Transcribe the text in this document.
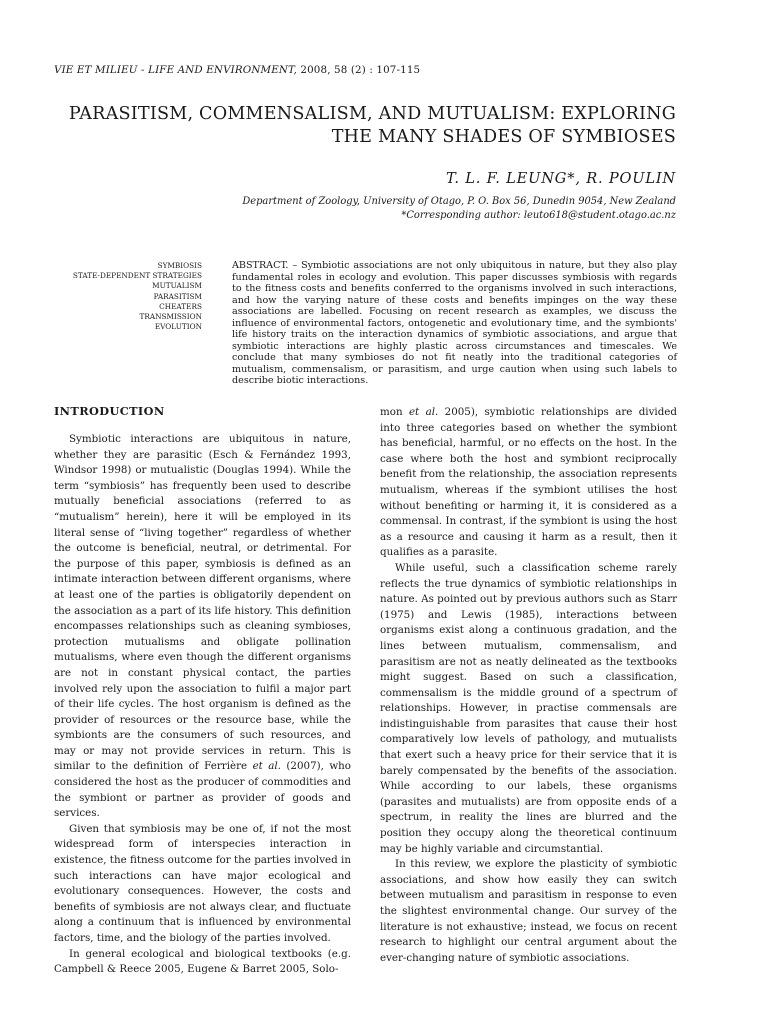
VIE ET MILIEU - LIFE AND ENVIRONMENT, 2008, 58 (2) : 107-115
PARASITISM, COMMENSALISM, AND MUTUALISM: EXPLORING
THE MANY SHADES OF SYMBIOSES
T. L. F. LEUNG*, R. POULIN
Department of Zoology, University of Otago, P. O. Box 56, Dunedin 9054, New Zealand
*Corresponding author: leuto618@student.otago.ac.nz
SYMBIOSIS
STATE-DEPENDENT STRATEGIES
MUTUALISM
PARASITISM
CHEATERS
TRANSMISSION
EVOLUTION
ABSTRACT. – Symbiotic associations are not only ubiquitous in nature, but they also play fundamental roles in ecology and evolution. This paper discusses symbiosis with regards to the fitness costs and benefits conferred to the organisms involved in such interactions, and how the varying nature of these costs and benefits impinges on the way these associations are labelled. Focusing on recent research as examples, we discuss the influence of environmental factors, ontogenetic and evolutionary time, and the symbionts' life history traits on the interaction dynamics of symbiotic associations, and argue that symbiotic interactions are highly plastic across circumstances and timescales. We conclude that many symbioses do not fit neatly into the traditional categories of mutualism, commensalism, or parasitism, and urge caution when using such labels to describe biotic interactions.
INTRODUCTION

Symbiotic interactions are ubiquitous in nature, whether they are parasitic (Esch & Fernández 1993, Windsor 1998) or mutualistic (Douglas 1994). While the term “symbiosis” has frequently been used to describe mutually beneficial associations (referred to as “mutualism” herein), here it will be employed in its literal sense of “living together” regardless of whether the outcome is beneficial, neutral, or detrimental. For the purpose of this paper, symbiosis is defined as an intimate interaction between different organisms, where at least one of the parties is obligatorily dependent on the association as a part of its life history. This definition encompasses relationships such as cleaning symbioses, protection mutualisms and obligate pollination mutualisms, where even though the different organisms are not in constant physical contact, the parties involved rely upon the association to fulfil a major part of their life cycles. The host organism is defined as the provider of resources or the resource base, while the symbionts are the consumers of such resources, and may or may not provide services in return. This is similar to the definition of Ferrière et al. (2007), who considered the host as the producer of commodities and the symbiont or partner as provider of goods and services.

Given that symbiosis may be one of, if not the most widespread form of interspecies interaction in existence, the fitness outcome for the parties involved in such interactions can have major ecological and evolutionary consequences. However, the costs and benefits of symbiosis are not always clear, and fluctuate along a continuum that is influenced by environmental factors, time, and the biology of the parties involved.

In general ecological and biological textbooks (e.g. Campbell & Reece 2005, Eugene & Barret 2005, Solo-

mon et al. 2005), symbiotic relationships are divided into three categories based on whether the symbiont has beneficial, harmful, or no effects on the host. In the case where both the host and symbiont reciprocally benefit from the relationship, the association represents mutualism, whereas if the symbiont utilises the host without benefiting or harming it, it is considered as a commensal. In contrast, if the symbiont is using the host as a resource and causing it harm as a result, then it qualifies as a parasite.

While useful, such a classification scheme rarely reflects the true dynamics of symbiotic relationships in nature. As pointed out by previous authors such as Starr (1975) and Lewis (1985), interactions between organisms exist along a continuous gradation, and the lines between mutualism, commensalism, and parasitism are not as neatly delineated as the textbooks might suggest. Based on such a classification, commensalism is the middle ground of a spectrum of relationships. However, in practise commensals are indistinguishable from parasites that cause their host comparatively low levels of pathology, and mutualists that exert such a heavy price for their service that it is barely compensated by the benefits of the association. While according to our labels, these organisms (parasites and mutualists) are from opposite ends of a spectrum, in reality the lines are blurred and the position they occupy along the theoretical continuum may be highly variable and circumstantial.

In this review, we explore the plasticity of symbiotic associations, and show how easily they can switch between mutualism and parasitism in response to even the slightest environmental change. Our survey of the literature is not exhaustive; instead, we focus on recent research to highlight our central argument about the ever-changing nature of symbiotic associations.
